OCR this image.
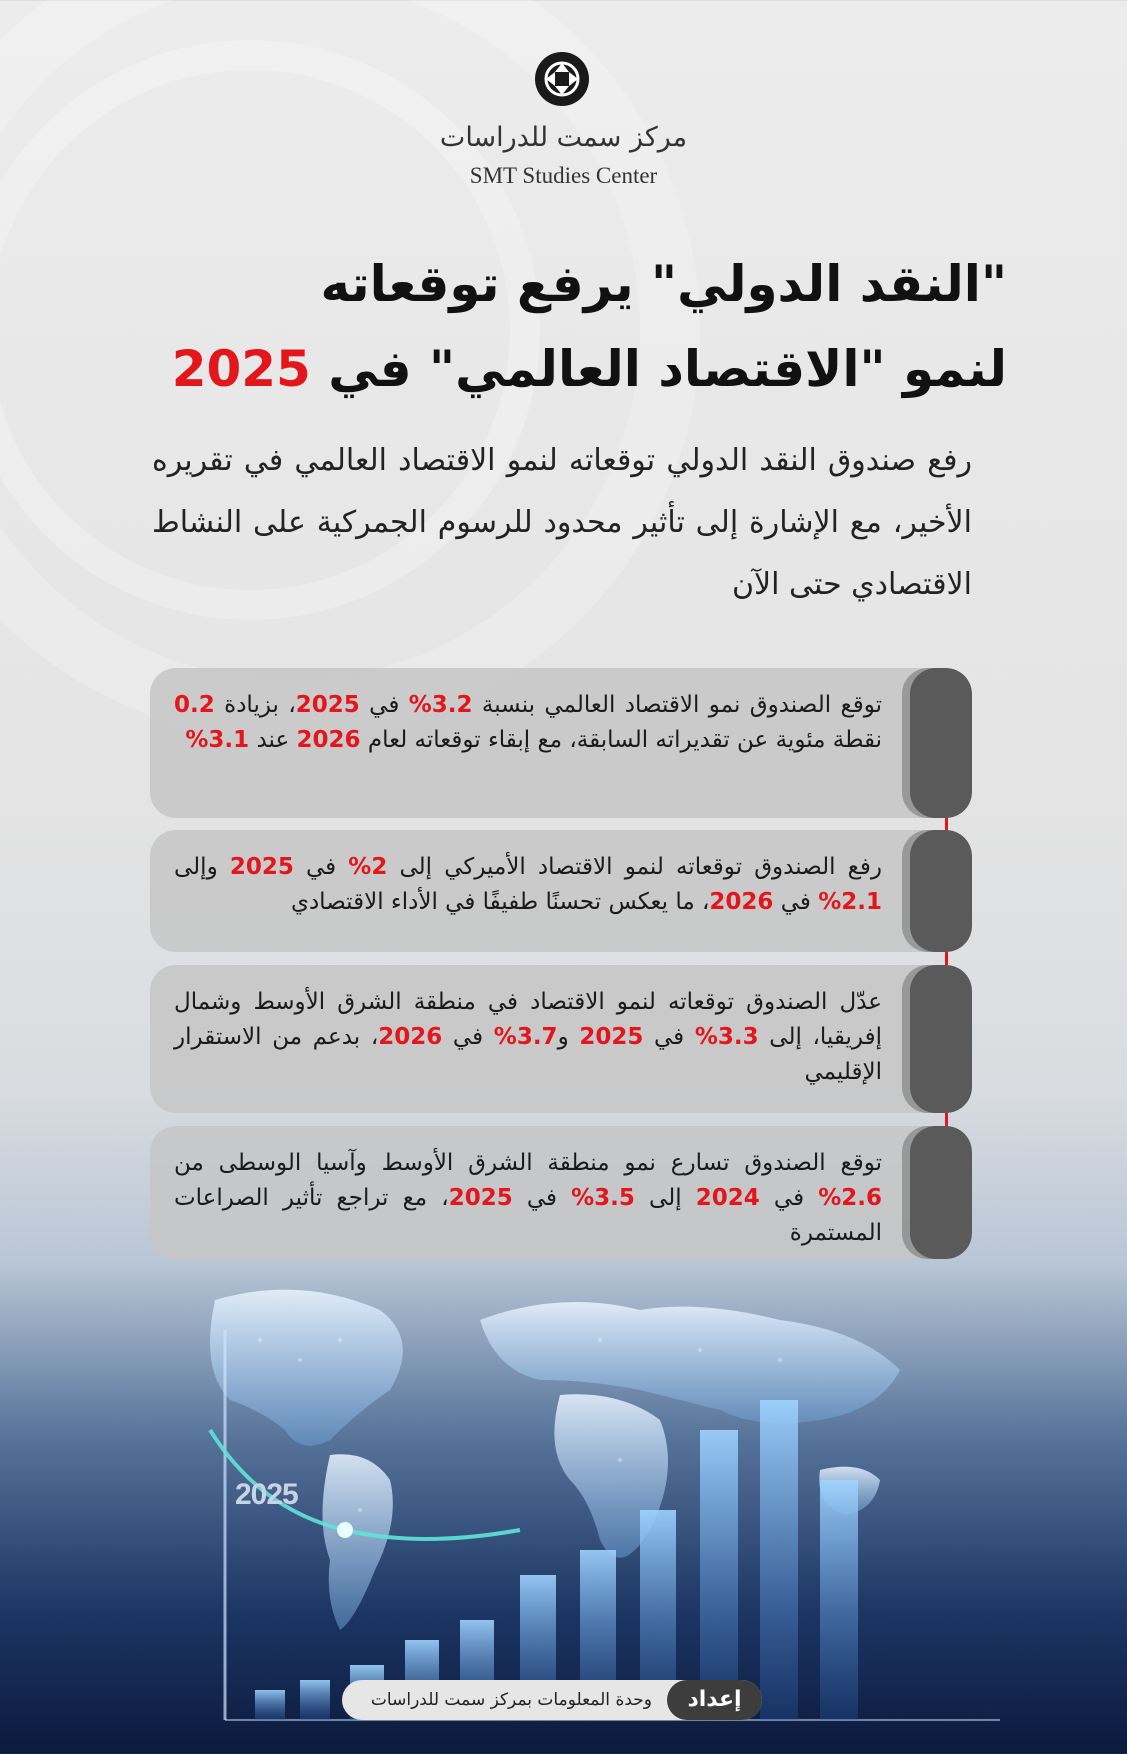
مركز سمت للدراسات
SMT Studies Center
"النقد الدولي" يرفع توقعاته
لنمو "الاقتصاد العالمي" في 2025
رفع صندوق النقد الدولي توقعاته لنمو الاقتصاد العالمي في تقريره الأخير، مع الإشارة إلى تأثير محدود للرسوم الجمركية على النشاط الاقتصادي حتى الآن
توقع الصندوق نمو الاقتصاد العالمي بنسبة 3.2% في 2025، بزيادة 0.2 نقطة مئوية عن تقديراته السابقة، مع إبقاء توقعاته لعام 2026 عند 3.1%
رفع الصندوق توقعاته لنمو الاقتصاد الأميركي إلى 2% في 2025 وإلى 2.1% في 2026، ما يعكس تحسنًا طفيفًا في الأداء الاقتصادي
عدّل الصندوق توقعاته لنمو الاقتصاد في منطقة الشرق الأوسط وشمال إفريقيا، إلى 3.3% في 2025 و3.7% في 2026، بدعم من الاستقرار الإقليمي
توقع الصندوق تسارع نمو منطقة الشرق الأوسط وآسيا الوسطى من 2.6% في 2024 إلى 3.5% في 2025، مع تراجع تأثير الصراعات المستمرة
2025
إعداد
وحدة المعلومات بمركز سمت للدراسات
